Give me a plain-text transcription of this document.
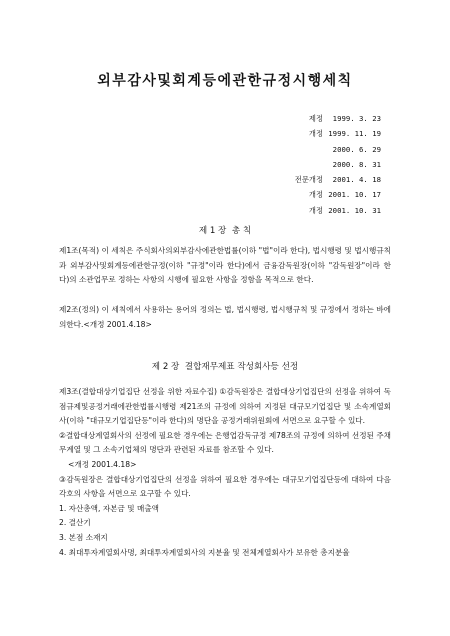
외부감사및회계등에관한규정시행세칙
제정	1999. 3. 23
개정 1999. 11. 19
2000. 6. 29
2000. 8. 31
전문개정	2001. 4. 18
개정 2001. 10. 17
개정 2001. 10. 31
제 1 장  총 칙

제1조(목적) 이 세칙은 주식회사의외부감사에관한법률(이하 "법"이라 한다), 법시행령 및 법시행규칙과 외부감사및회계등에관한규정(이하 "규정"이라 한다)에서 금융감독원장(이하 "감독원장"이라 한다)의 소관업무로 정하는 사항의 시행에 필요한 사항을 정함을 목적으로 한다.

제2조(정의) 이 세칙에서 사용하는 용어의 정의는 법, 법시행령, 법시행규칙 및 규정에서 정하는 바에 의한다.<개정 2001.4.18>

제 2 장  결합재무제표 작성회사등 선정

제3조(결합대상기업집단 선정을 위한 자료수집) ①감독원장은 결합대상기업집단의 선정을 위하여 독점규제및공정거래에관한법률시행령 제21조의 규정에 의하여 지정된 대규모기업집단 및 소속계열회사(이하 "대규모기업집단등"이라 한다)의 명단을 공정거래위원회에 서면으로 요구할 수 있다.

②결합대상계열회사의 선정에 필요한 경우에는 은행업감독규정 제78조의 규정에 의하여 선정된 주채무계열 및 그 소속기업체의 명단과 관련된 자료를 참조할 수 있다.

<개정 2001.4.18>

③감독원장은 결합대상기업집단의 선정을 위하여 필요한 경우에는 대규모기업집단등에 대하여 다음 각호의 사항을 서면으로 요구할 수 있다.

1. 자산총액, 자본금 및 매출액

2. 결산기

3. 본점 소재지

4. 최대투자계열회사명, 최대투자계열회사의 지분율 및 전체계열회사가 보유한 총지분율
